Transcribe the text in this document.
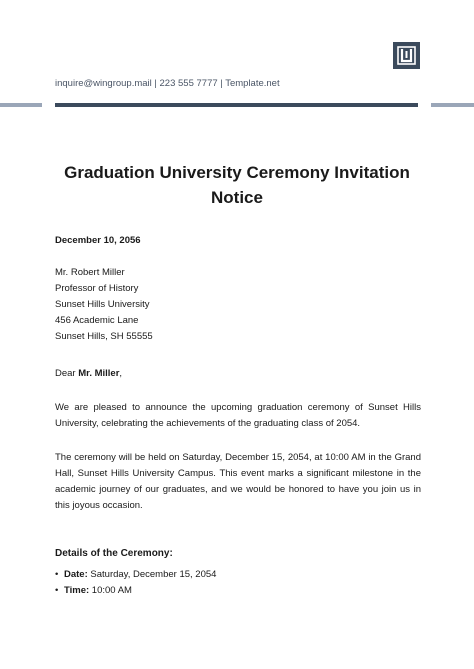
inquire@wingroup.mail | 223 555 7777 | Template.net
Graduation University Ceremony Invitation
Notice
December 10, 2056
Mr. Robert Miller
Professor of History
Sunset Hills University
456 Academic Lane
Sunset Hills, SH 55555
Dear Mr. Miller,
We are pleased to announce the upcoming graduation ceremony of Sunset Hills University, celebrating the achievements of the graduating class of 2054.
The ceremony will be held on Saturday, December 15, 2054, at 10:00 AM in the Grand Hall, Sunset Hills University Campus. This event marks a significant milestone in the academic journey of our graduates, and we would be honored to have you join us in this joyous occasion.
Details of the Ceremony:
• Date: Saturday, December 15, 2054
• Time: 10:00 AM
